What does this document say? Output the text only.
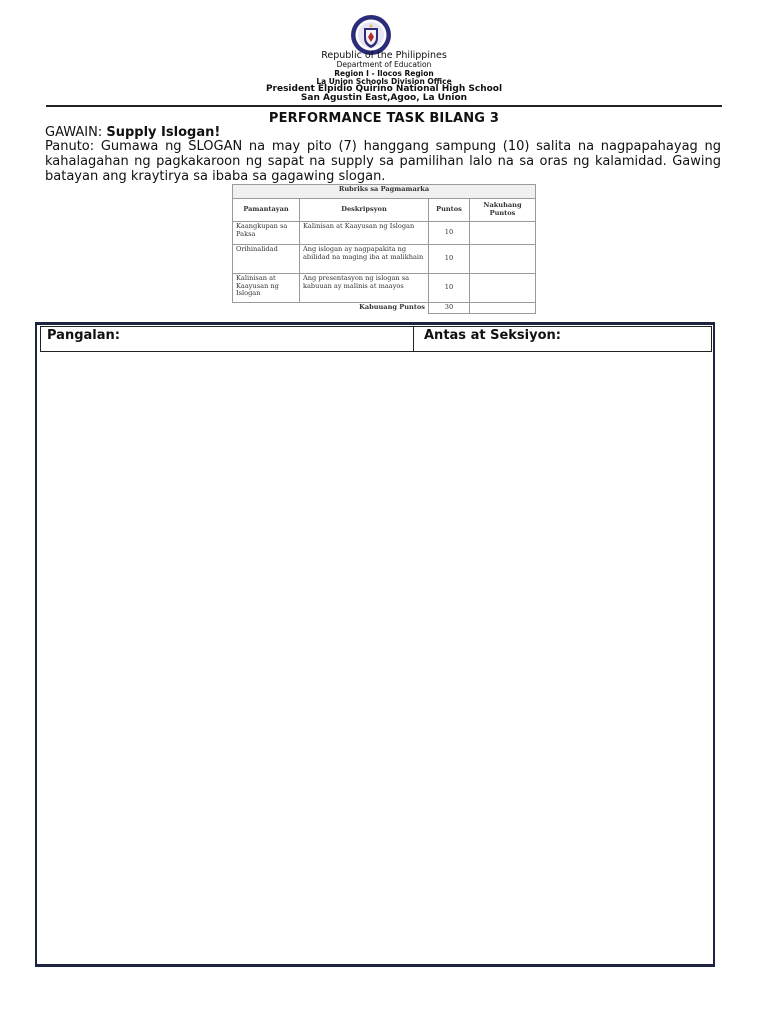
Republic of the Philippines
Department of Education
Region I - Ilocos Region
La Union Schools Division Office
President Elpidio Quirino National High School
San Agustin East,Agoo, La Union
PERFORMANCE TASK BILANG 3
GAWAIN: Supply Islogan!
Panuto: Gumawa ng SLOGAN na may pito (7) hanggang sampung (10) salita na nagpapahayag ng kahalagahan ng pagkakaroon ng sapat na supply sa pamilihan lalo na sa oras ng kalamidad. Gawing batayan ang kraytirya sa ibaba sa gagawing slogan.
Rubriks sa Pagmamarka			
Pamantayan	Deskripsyon	Puntos	Nakuhang Puntos
Kaangkupan sa Paksa	Kalinisan at Kaayusan ng Islogan	10	
Orihinalidad	Ang islogan ay nagpapakita ng abilidad na maging iba at malikhain	10	
Kalinisan at Kaayusan ng Islogan	Ang presentasyon ng islogan sa kabuuan ay malinis at maayos	10	
Kabuuang Puntos		30	
Pangalan:	Antas at Seksiyon:
